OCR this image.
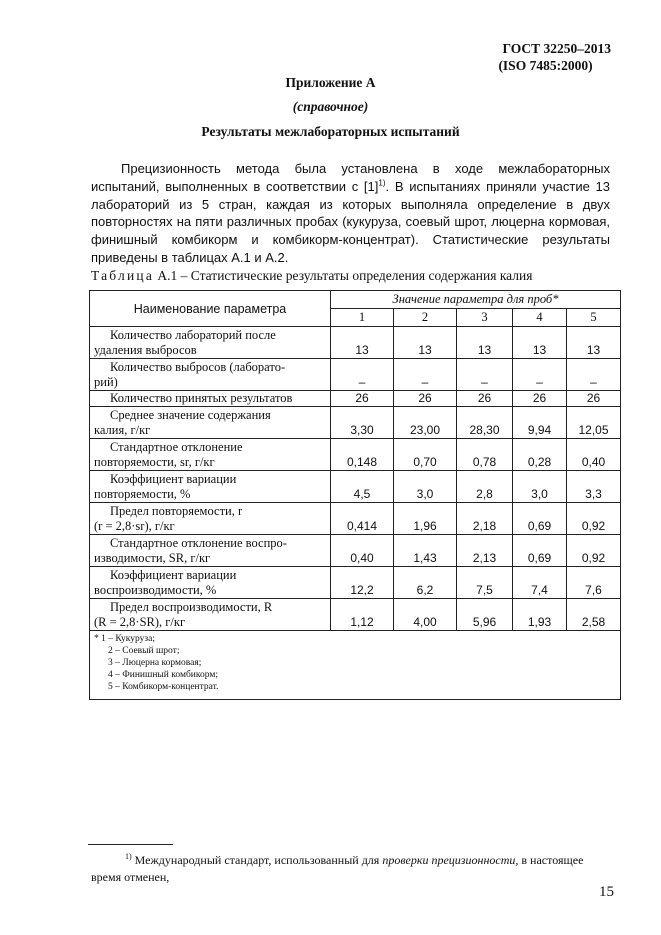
ГОСТ 32250–2013
(ISO 7485:2000)
Приложение А
(справочное)
Результаты межлабораторных испытаний
Прецизионность метода была установлена в ходе межлабораторных испытаний, выполненных в соответствии с $[1]^{1)}$. В испытаниях приняли участие 13 лабораторий из 5 стран, каждая из которых выполняла определение в двух повторностях на пяти различных пробах (кукуруза, соевый шрот, люцерна кормовая, финишный комбикорм и комбикорм-концентрат). Статистические результаты приведены в таблицах А.1 и А.2.
Таблица А.1 – Статистические результаты определения содержания калия
Наименование параметра	Значение параметра для проб*				
	1	2	3	4	5

Количество лабораторий после
удаления выбросов	13	13	13	13	13

Количество выбросов (лаборато-
рий)	–	–	–	–	–

Количество принятых результатов	26	26	26	26	26

Среднее значение содержания
калия, г/кг	3,30	23,00	28,30	9,94	12,05

Стандартное отклонение
повторяемости, sr, г/кг	0,148	0,70	0,78	0,28	0,40

Коэффициент вариации
повторяемости, %	4,5	3,0	2,8	3,0	3,3

Предел повторяемости, r
(r = 2,8·sr), г/кг	0,414	1,96	2,18	0,69	0,92

Стандартное отклонение воспро-
изводимости, SR, г/кг	0,40	1,43	2,13	0,69	0,92

Коэффициент вариации
воспроизводимости, %	12,2	6,2	7,5	7,4	7,6

Предел воспроизводимости, R
(R = 2,8·SR), г/кг	1,12	4,00	5,96	1,93	2,58

* 1 – Кукуруза;
2 – Соевый шрот;
3 – Люцерна кормовая;
4 – Финишный комбикорм;
5 – Комбикорм-концентрат.					
$^{1)}$ Международный стандарт, использованный для проверки прецизионности, в настоящее время отменен,
15
